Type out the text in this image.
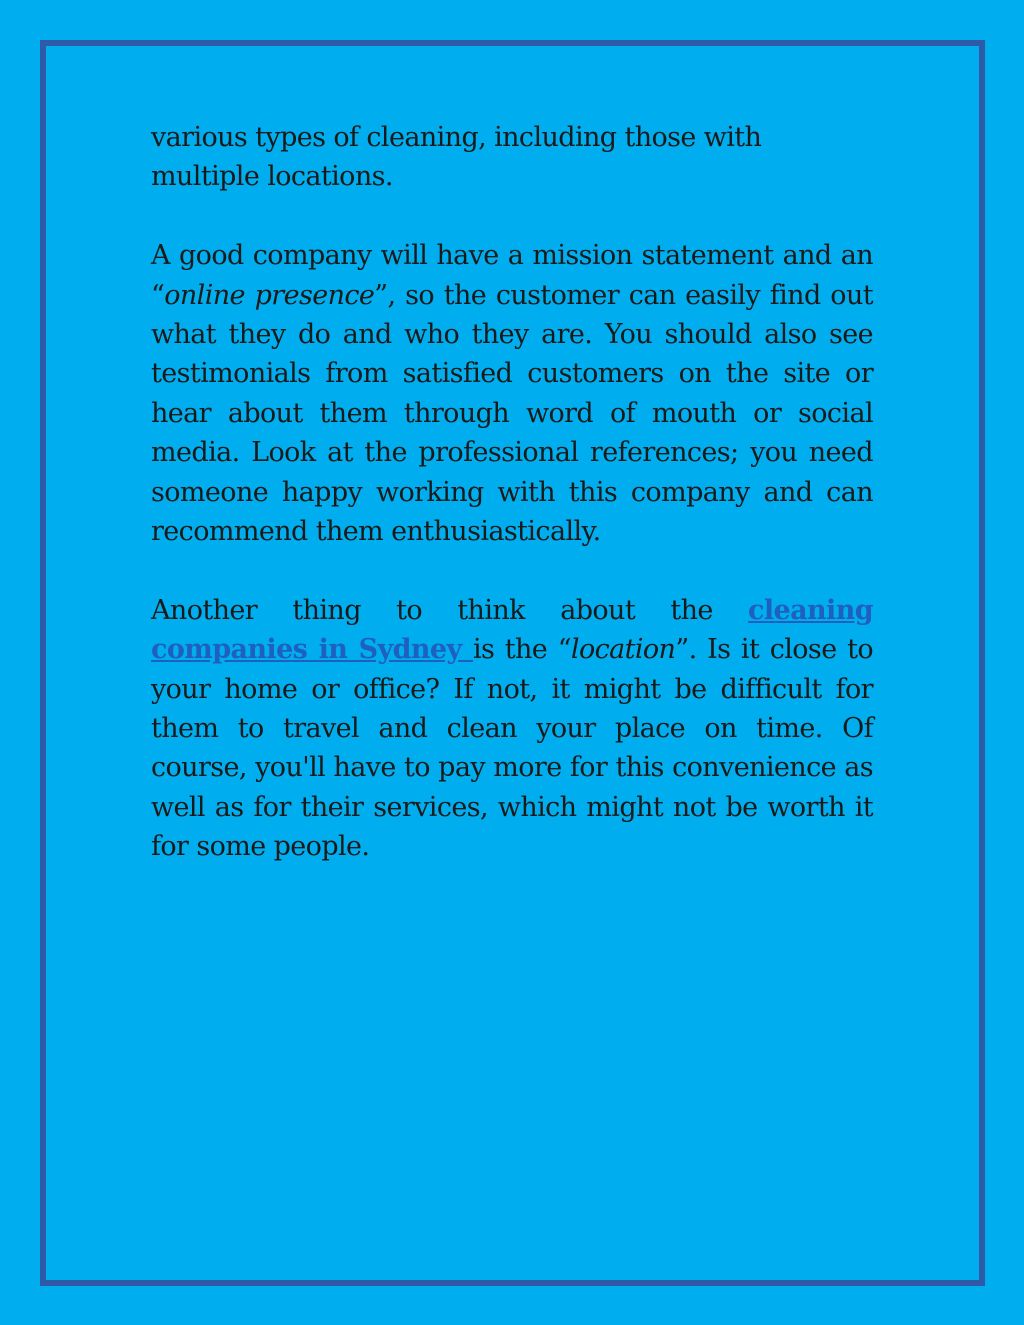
various types of cleaning, including those with multiple locations.

A good company will have a mission statement and an “online presence”, so the customer can easily find out what they do and who they are. You should also see testimonials from satisfied customers on the site or hear about them through word of mouth or social media. Look at the professional references; you need someone happy working with this company and can recommend them enthusiastically.

Another thing to think about the cleaning companies in Sydney is the “location”. Is it close to your home or office? If not, it might be difficult for them to travel and clean your place on time. Of course, you'll have to pay more for this convenience as well as for their services, which might not be worth it for some people.
